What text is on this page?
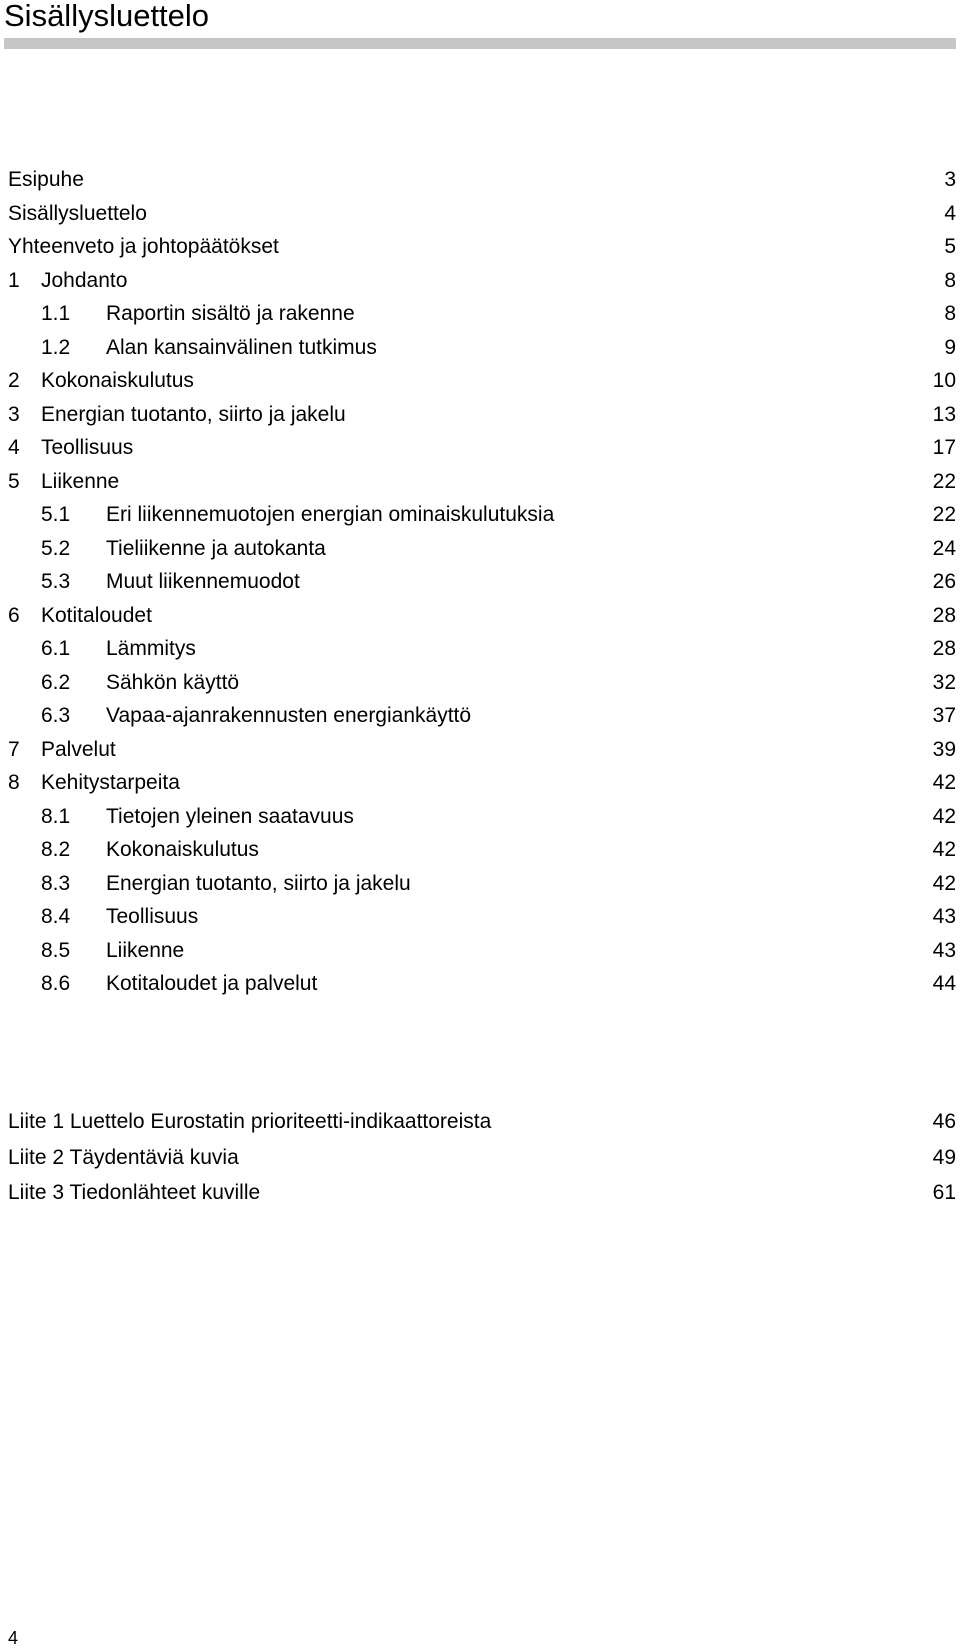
Sisällysluettelo
Esipuhe	3
Sisällysluettelo	4
Yhteenveto ja johtopäätökset	5
1 Johdanto	8
1.1 Raportin sisältö ja rakenne	8
1.2 Alan kansainvälinen tutkimus	9
2 Kokonaiskulutus	10
3 Energian tuotanto, siirto ja jakelu	13
4 Teollisuus	17
5 Liikenne	22
5.1 Eri liikennemuotojen energian ominaiskulutuksia	22
5.2 Tieliikenne ja autokanta	24
5.3 Muut liikennemuodot	26
6 Kotitaloudet	28
6.1 Lämmitys	28
6.2 Sähkön käyttö	32
6.3 Vapaa-ajanrakennusten energiankäyttö	37
7 Palvelut	39
8 Kehitystarpeita	42
8.1 Tietojen yleinen saatavuus	42
8.2 Kokonaiskulutus	42
8.3 Energian tuotanto, siirto ja jakelu	42
8.4 Teollisuus	43
8.5 Liikenne	43
8.6 Kotitaloudet ja palvelut	44
Liite 1 Luettelo Eurostatin prioriteetti-indikaattoreista	46
Liite 2 Täydentäviä kuvia	49
Liite 3 Tiedonlähteet kuville	61
4
